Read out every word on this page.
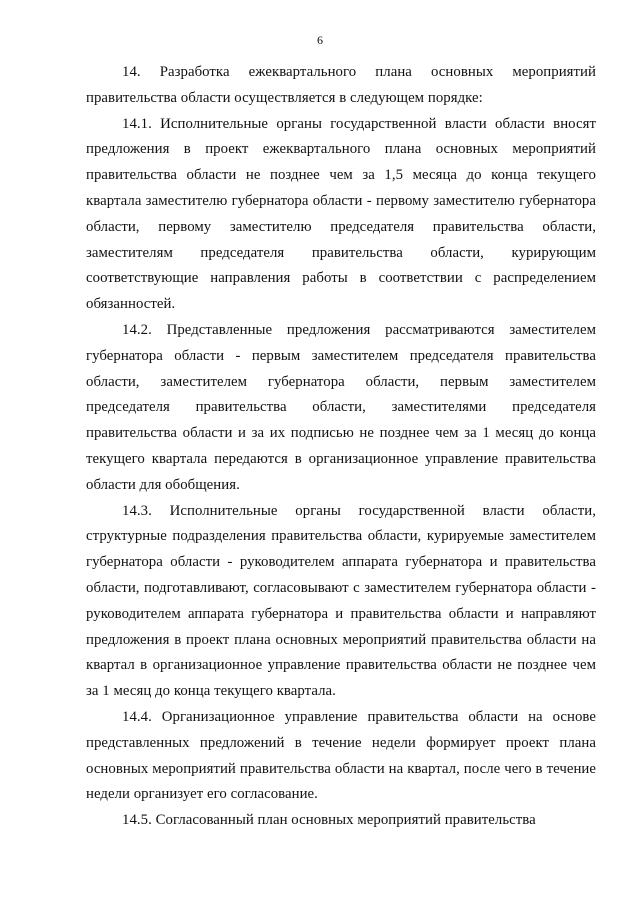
6

14. Разработка ежеквартального плана основных мероприятий правительства области осуществляется в следующем порядке:

14.1. Исполнительные органы государственной власти области вносят предложения в проект ежеквартального плана основных мероприятий правительства области не позднее чем за 1,5 месяца до конца текущего квартала заместителю губернатора области - первому заместителю губернатора области, первому заместителю председателя правительства области, заместителям председателя правительства области, курирующим соответствующие направления работы в соответствии с распределением обязанностей.

14.2. Представленные предложения рассматриваются заместителем губернатора области - первым заместителем председателя правительства области, заместителем губернатора области, первым заместителем председателя правительства области, заместителями председателя правительства области и за их подписью не позднее чем за 1 месяц до конца текущего квартала передаются в организационное управление правительства области для обобщения.

14.3. Исполнительные органы государственной власти области, структурные подразделения правительства области, курируемые заместителем губернатора области - руководителем аппарата губернатора и правительства области, подготавливают, согласовывают с заместителем губернатора области - руководителем аппарата губернатора и правительства области и направляют предложения в проект плана основных мероприятий правительства области на квартал в организационное управление правительства области не позднее чем за 1 месяц до конца текущего квартала.

14.4. Организационное управление правительства области на основе представленных предложений в течение недели формирует проект плана основных мероприятий правительства области на квартал, после чего в течение недели организует его согласование.

14.5. Согласованный план основных мероприятий правительства
